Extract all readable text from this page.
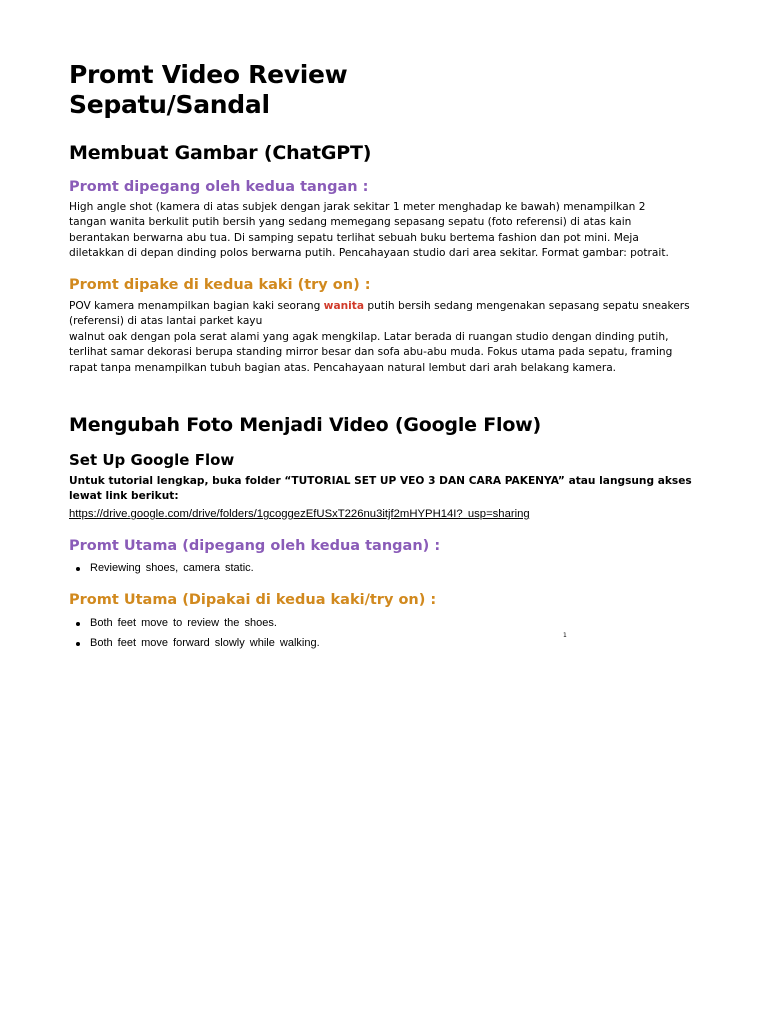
Promt Video Review
Sepatu/Sandal
Membuat Gambar (ChatGPT)
Promt dipegang oleh kedua tangan :

High angle shot (kamera di atas subjek dengan jarak sekitar 1 meter menghadap ke bawah) menampilkan 2
tangan wanita berkulit putih bersih yang sedang memegang sepasang sepatu (foto referensi) di atas kain
berantakan berwarna abu tua. Di samping sepatu terlihat sebuah buku bertema fashion dan pot mini. Meja
diletakkan di depan dinding polos berwarna putih. Pencahayaan studio dari area sekitar. Format gambar: potrait.

Promt dipake di kedua kaki (try on) :

POV kamera menampilkan bagian kaki seorang wanita putih bersih sedang mengenakan sepasang sepatu sneakers
(referensi) di atas lantai parket kayu
walnut oak dengan pola serat alami yang agak mengkilap. Latar berada di ruangan studio dengan dinding putih,
terlihat samar dekorasi berupa standing mirror besar dan sofa abu-abu muda. Fokus utama pada sepatu, framing
rapat tanpa menampilkan tubuh bagian atas. Pencahayaan natural lembut dari arah belakang kamera.

Mengubah Foto Menjadi Video (Google Flow)
Set Up Google Flow

Untuk tutorial lengkap, buka folder “TUTORIAL SET UP VEO 3 DAN CARA PAKENYA” atau langsung akses
lewat link berikut:

https://drive.google.com/drive/folders/1gcoggezEfUSxT226nu3itjf2mHYPH14I? usp=sharing
Promt Utama (dipegang oleh kedua tangan) :
Reviewing shoes, camera static.
Promt Utama (Dipakai di kedua kaki/try on) :
Both feet move to review the shoes.
Both feet move forward slowly while walking.
1
